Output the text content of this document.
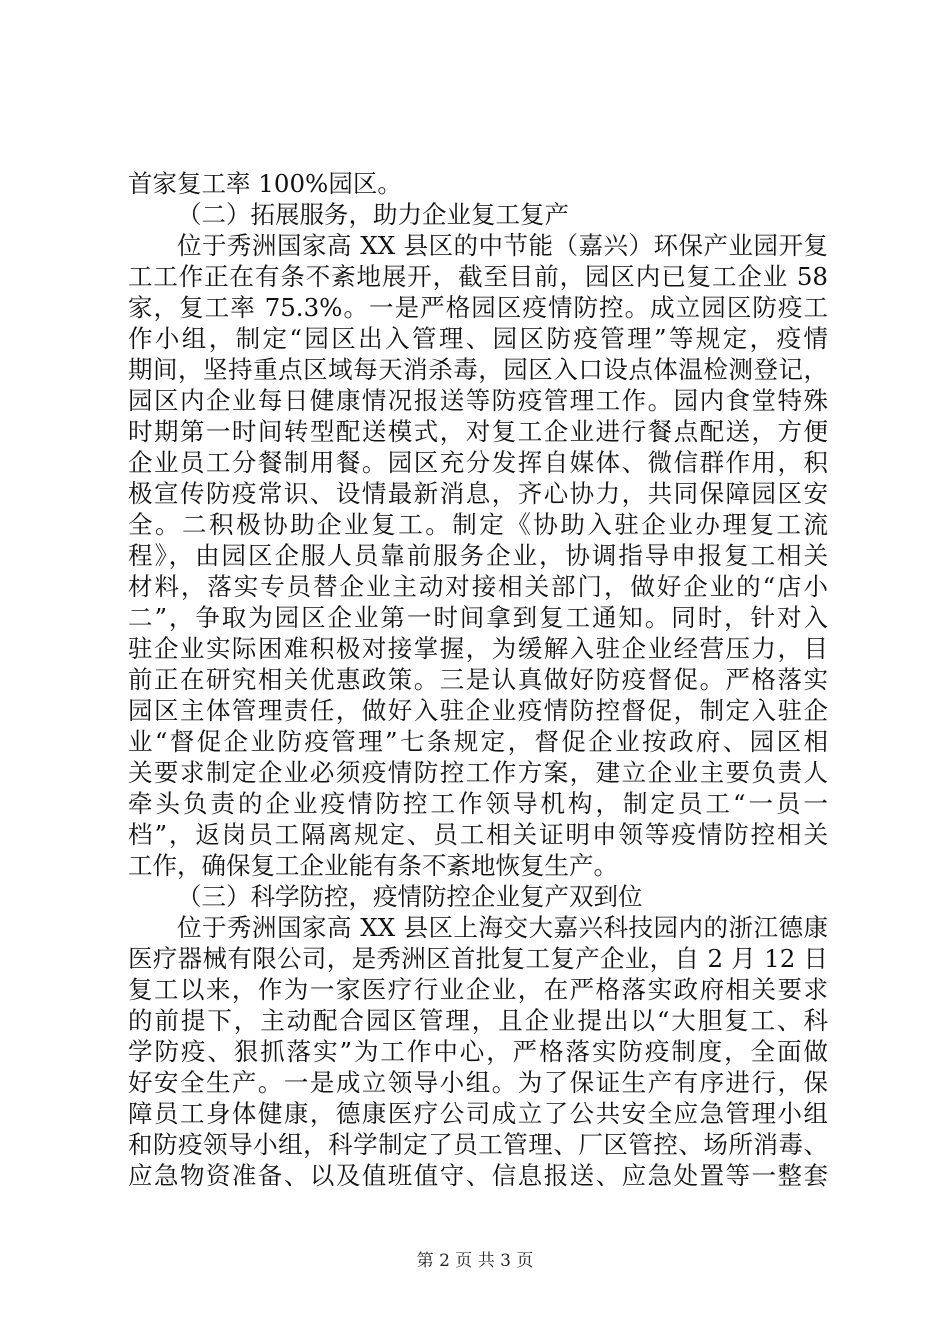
首家复工率 100%园区。
（二）拓展服务，助力企业复工复产
位于秀洲国家高 XX 县区的中节能（嘉兴）环保产业园开复
工工作正在有条不紊地展开，截至目前，园区内已复工企业 58
家，复工率 75.3%。一是严格园区疫情防控。成立园区防疫工
作小组，制定“园区出入管理、园区防疫管理”等规定，疫情
期间，坚持重点区域每天消杀毒，园区入口设点体温检测登记，
园区内企业每日健康情况报送等防疫管理工作。园内食堂特殊
时期第一时间转型配送模式，对复工企业进行餐点配送，方便
企业员工分餐制用餐。园区充分发挥自媒体、微信群作用，积
极宣传防疫常识、设情最新消息，齐心协力，共同保障园区安
全。二积极协助企业复工。制定《协助入驻企业办理复工流
程》，由园区企服人员靠前服务企业，协调指导申报复工相关
材料，落实专员替企业主动对接相关部门，做好企业的“店小
二”，争取为园区企业第一时间拿到复工通知。同时，针对入
驻企业实际困难积极对接掌握，为缓解入驻企业经营压力，目
前正在研究相关优惠政策。三是认真做好防疫督促。严格落实
园区主体管理责任，做好入驻企业疫情防控督促，制定入驻企
业“督促企业防疫管理”七条规定，督促企业按政府、园区相
关要求制定企业必须疫情防控工作方案，建立企业主要负责人
牵头负责的企业疫情防控工作领导机构，制定员工“一员一
档”，返岗员工隔离规定、员工相关证明申领等疫情防控相关
工作，确保复工企业能有条不紊地恢复生产。
（三）科学防控，疫情防控企业复产双到位
位于秀洲国家高 XX 县区上海交大嘉兴科技园内的浙江德康
医疗器械有限公司，是秀洲区首批复工复产企业，自 2 月 12 日
复工以来，作为一家医疗行业企业，在严格落实政府相关要求
的前提下，主动配合园区管理，且企业提出以“大胆复工、科
学防疫、狠抓落实”为工作中心，严格落实防疫制度，全面做
好安全生产。一是成立领导小组。为了保证生产有序进行，保
障员工身体健康，德康医疗公司成立了公共安全应急管理小组
和防疫领导小组，科学制定了员工管理、厂区管控、场所消毒、
应急物资准备、以及值班值守、信息报送、应急处置等一整套
第 2 页 共 3 页
